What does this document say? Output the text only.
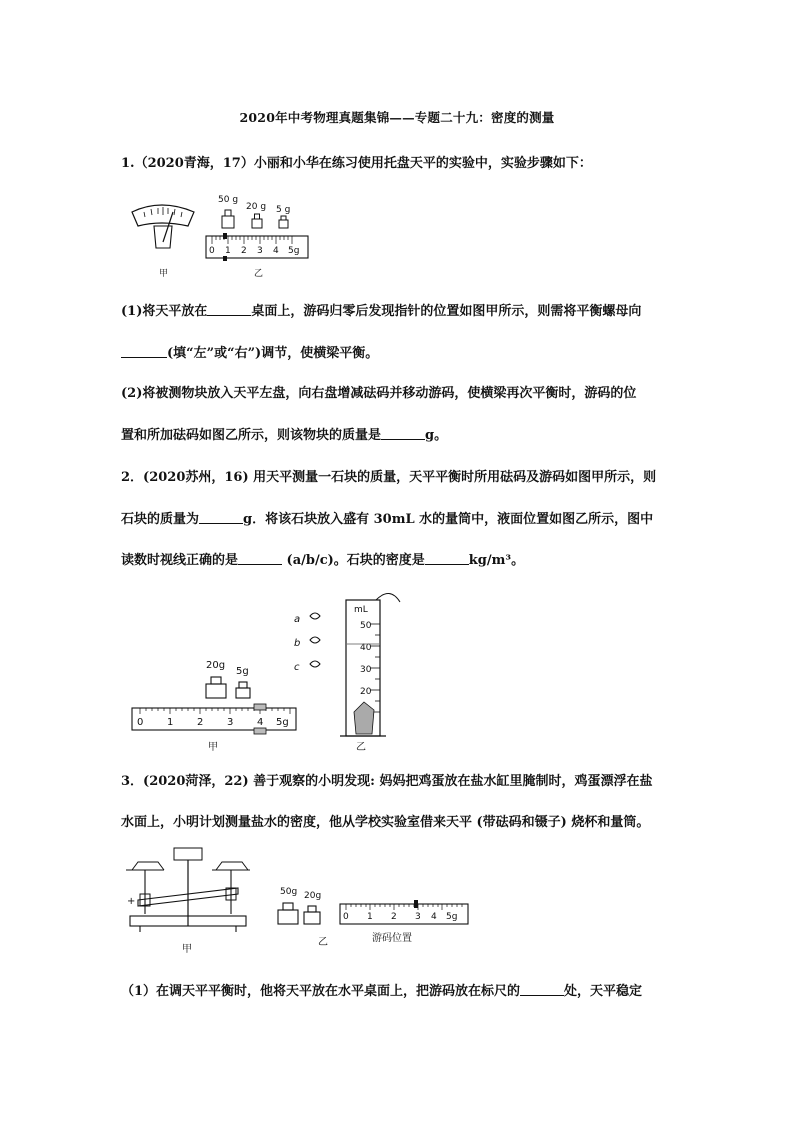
2020年中考物理真题集锦——专题二十九：密度的测量
1.（2020青海，17）小丽和小华在练习使用托盘天平的实验中，实验步骤如下：
甲
50 g
20 g 5 g
0 1 2 3 4 5g
乙
(1)将天平放在	桌面上，游码归零后发现指针的位置如图甲所示，则需将平衡螺母向
(填“左”或“右”)调节，使横梁平衡。
(2)将被测物块放入天平左盘，向右盘增减砝码并移动游码，使横梁再次平衡时，游码的位
置和所加砝码如图乙所示，则该物块的质量是	g。
2．(2020苏州，16) 用天平测量一石块的质量，天平平衡时所用砝码及游码如图甲所示，则
石块的质量为	g．将该石块放入盛有 30mL 水的量筒中，液面位置如图乙所示，图中
读数时视线正确的是	(a/b/c)。石块的密度是	kg/m³。
20g
5g
0 1 2 3 4 5g
甲
a
b
c
mL
50
40
30
20
乙
3．(2020菏泽，22) 善于观察的小明发现: 妈妈把鸡蛋放在盐水缸里腌制时，鸡蛋漂浮在盐
水面上，小明计划测量盐水的密度，他从学校实验室借来天平 (带砝码和镊子) 烧杯和量筒。
+
甲
50g 20g
乙
0 1 2 3 4 5g
游码位置
（1）在调天平平衡时，他将天平放在水平桌面上，把游码放在标尺的	处，天平稳定
